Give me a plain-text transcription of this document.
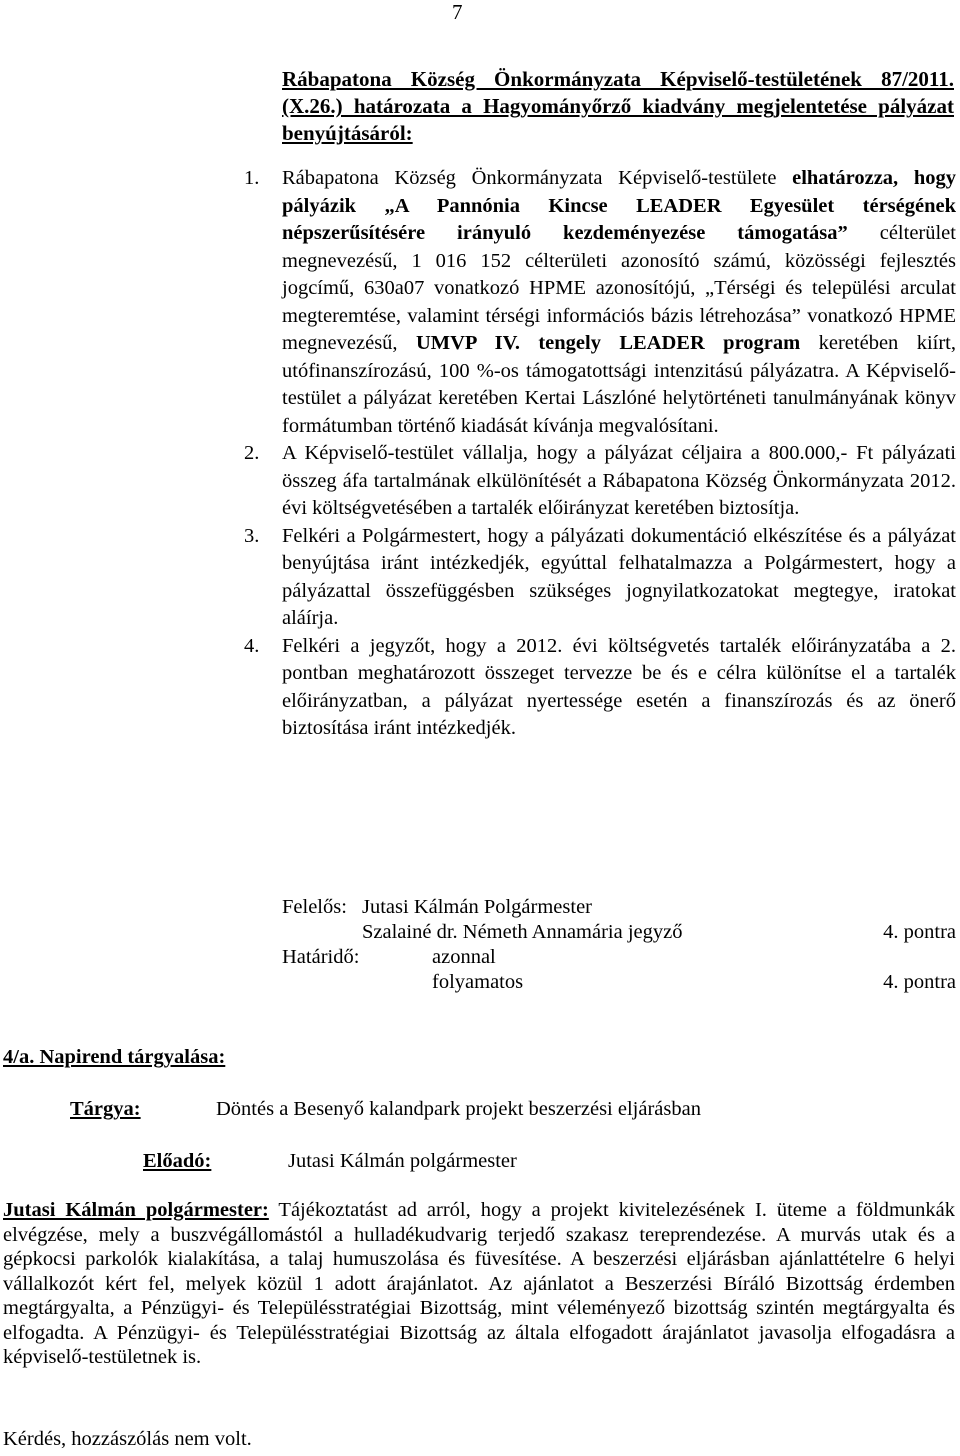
7
Rábapatona Község Önkormányzata Képviselő-testületének 87/2011.(X.26.) határozata a Hagyományőrző kiadvány megjelentetése pályázat benyújtásáról:
1.	Rábapatona Község Önkormányzata Képviselő-testülete elhatározza, hogy pályázik „A Pannónia Kincse LEADER Egyesület térségének népszerűsítésére irányuló kezdeményezése támogatása” célterület megnevezésű, 1 016 152 célterületi azonosító számú, közösségi fejlesztés jogcímű, 630a07 vonatkozó HPME azonosítójú, „Térségi és települési arculat megteremtése, valamint térségi információs bázis létrehozása” vonatkozó HPME megnevezésű, UMVP IV. tengely LEADER program keretében kiírt, utófinanszírozású, 100 %-os támogatottsági intenzitású pályázatra. A Képviselő-testület a pályázat keretében Kertai Lászlóné helytörténeti tanulmányának könyv formátumban történő kiadását kívánja megvalósítani.
2.	A Képviselő-testület vállalja, hogy a pályázat céljaira a 800.000,- Ft pályázati összeg áfa tartalmának elkülönítését a Rábapatona Község Önkormányzata 2012. évi költségvetésében a tartalék előirányzat keretében biztosítja.
3.	Felkéri a Polgármestert, hogy a pályázati dokumentáció elkészítése és a pályázat benyújtása iránt intézkedjék, egyúttal felhatalmazza a Polgármestert, hogy a pályázattal összefüggésben szükséges jognyilatkozatokat megtegye, iratokat aláírja.
4.	Felkéri a jegyzőt, hogy a 2012. évi költségvetés tartalék előirányzatába a 2. pontban meghatározott összeget tervezze be és e célra különítse el a tartalék előirányzatban, a pályázat nyertessége esetén a finanszírozás és az önerő biztosítása iránt intézkedjék.
Felelős: Jutasi Kálmán Polgármester
Szalainé dr. Németh Annamária jegyző	4. pontra
Határidő:	azonnal
folyamatos	4. pontra
4/a. Napirend tárgyalása:
Tárgya:	Döntés a Besenyő kalandpark projekt beszerzési eljárásban
Előadó:	Jutasi Kálmán polgármester
Jutasi Kálmán polgármester: Tájékoztatást ad arról, hogy a projekt kivitelezésének I. üteme a földmunkák elvégzése, mely a buszvégállomástól a hulladékudvarig terjedő szakasz tereprendezése. A murvás utak és a gépkocsi parkolók kialakítása, a talaj humuszolása és füvesítése. A beszerzési eljárásban ajánlattételre 6 helyi vállalkozót kért fel, melyek közül 1 adott árajánlatot. Az ajánlatot a Beszerzési Bíráló Bizottság érdemben megtárgyalta, a Pénzügyi- és Településstratégiai Bizottság, mint véleményező bizottság szintén megtárgyalta és elfogadta. A Pénzügyi- és Településstratégiai Bizottság az általa elfogadott árajánlatot javasolja elfogadásra a képviselő-testületnek is.
Kérdés, hozzászólás nem volt.
